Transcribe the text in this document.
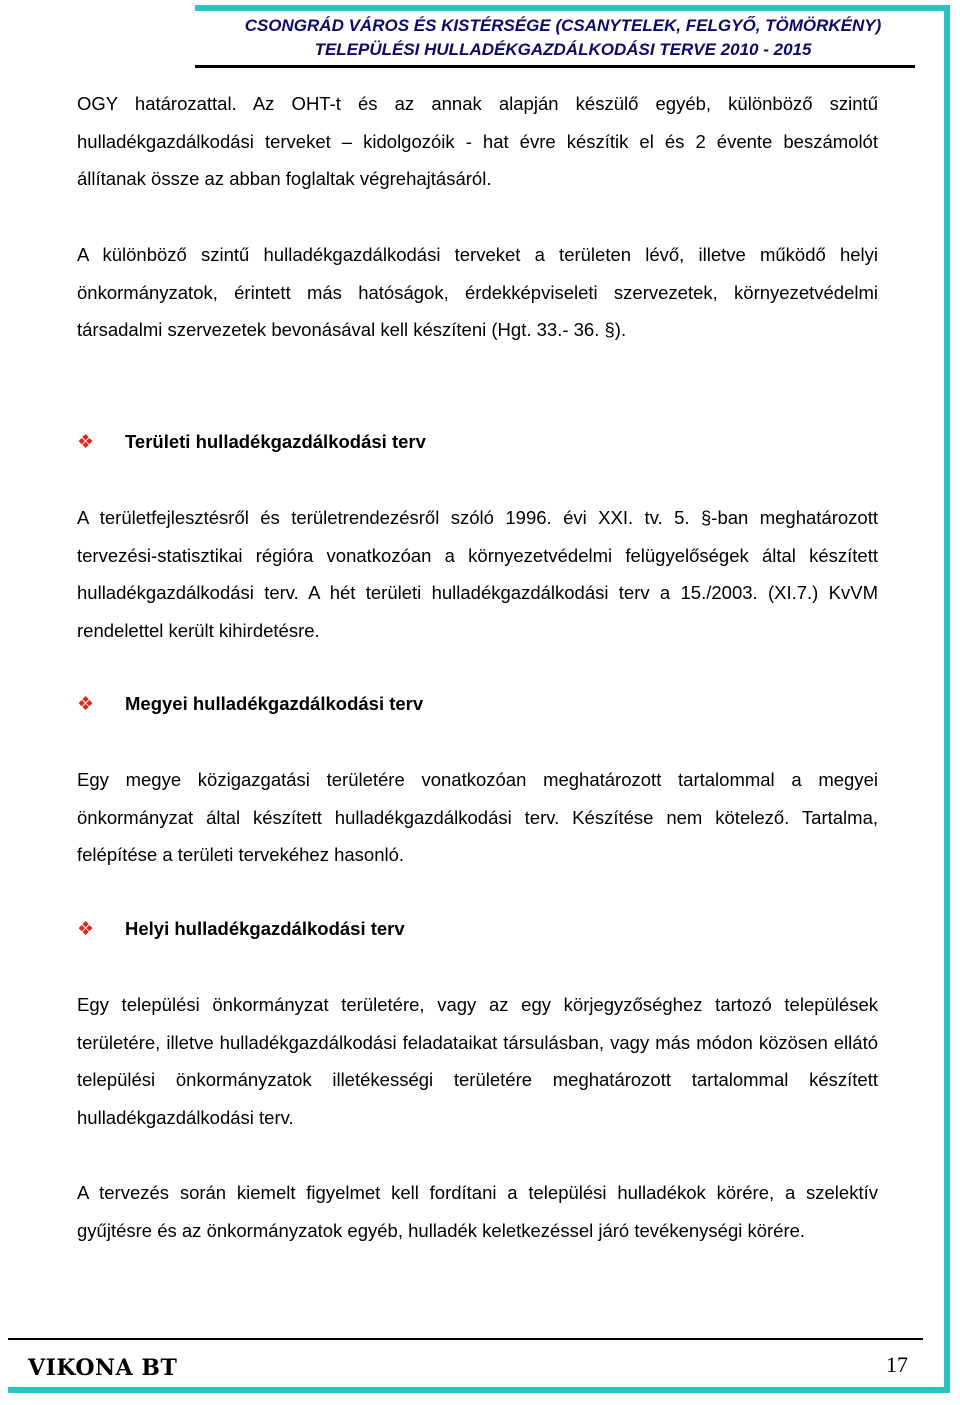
CSONGRÁD VÁROS ÉS KISTÉRSÉGE (CSANYTELEK, FELGYŐ, TÖMÖRKÉNY)
TELEPÜLÉSI HULLADÉKGAZDÁLKODÁSI TERVE 2010 - 2015
OGY határozattal. Az OHT-t és az annak alapján készülő egyéb, különböző szintű hulladékgazdálkodási terveket – kidolgozóik - hat évre készítik el és 2 évente beszámolót állítanak össze az abban foglaltak végrehajtásáról.
A különböző szintű hulladékgazdálkodási terveket a területen lévő, illetve működő helyi önkormányzatok, érintett más hatóságok, érdekképviseleti szervezetek, környezetvédelmi társadalmi szervezetek bevonásával kell készíteni (Hgt. 33.- 36. §).
❖ Területi hulladékgazdálkodási terv
A területfejlesztésről és területrendezésről szóló 1996. évi XXI. tv. 5. §-ban meghatározott tervezési-statisztikai régióra vonatkozóan a környezetvédelmi felügyelőségek által készített hulladékgazdálkodási terv. A hét területi hulladékgazdálkodási terv a 15./2003. (XI.7.) KvVM rendelettel került kihirdetésre.
❖ Megyei hulladékgazdálkodási terv
Egy megye közigazgatási területére vonatkozóan meghatározott tartalommal a megyei önkormányzat által készített hulladékgazdálkodási terv. Készítése nem kötelező. Tartalma, felépítése a területi tervekéhez hasonló.
❖ Helyi hulladékgazdálkodási terv
Egy települési önkormányzat területére, vagy az egy körjegyzőséghez tartozó települések területére, illetve hulladékgazdálkodási feladataikat társulásban, vagy más módon közösen ellátó települési önkormányzatok illetékességi területére meghatározott tartalommal készített hulladékgazdálkodási terv.
A tervezés során kiemelt figyelmet kell fordítani a települési hulladékok körére, a szelektív gyűjtésre és az önkormányzatok egyéb, hulladék keletkezéssel járó tevékenységi körére.
VIKONA BT	17
